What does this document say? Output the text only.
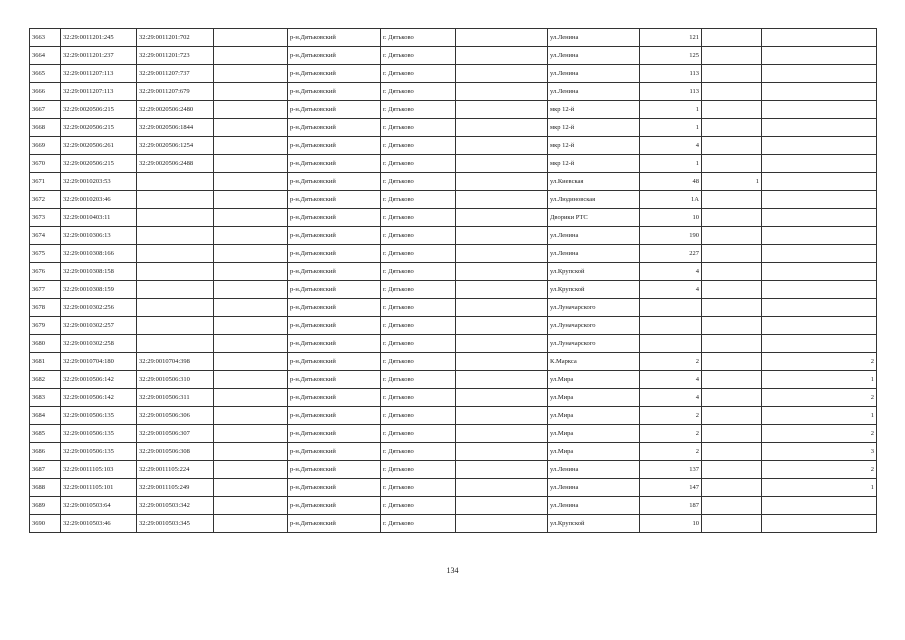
3663	32:29:0011201:245	32:29:0011201:702		р-н.Дятьковский	г. Дятьково		ул.Ленина	121		
3664	32:29:0011201:237	32:29:0011201:723		р-н.Дятьковский	г. Дятьково		ул.Ленина	125		
3665	32:29:0011207:113	32:29:0011207:737		р-н.Дятьковский	г. Дятьково		ул.Ленина	113		
3666	32:29:0011207:113	32:29:0011207:679		р-н.Дятьковский	г. Дятьково		ул.Ленина	113		
3667	32:29:0020506:215	32:29:0020506:2480		р-н.Дятьковский	г. Дятьково		мкр 12-й	1		
3668	32:29:0020506:215	32:29:0020506:1844		р-н.Дятьковский	г. Дятьково		мкр 12-й	1		
3669	32:29:0020506:261	32:29:0020506:1254		р-н.Дятьковский	г. Дятьково		мкр 12-й	4		
3670	32:29:0020506:215	32:29:0020506:2488		р-н.Дятьковский	г. Дятьково		мкр 12-й	1		
3671	32:29:0010203:53			р-н.Дятьковский	г. Дятьково		ул.Киевская	48	1	
3672	32:29:0010203:46			р-н.Дятьковский	г. Дятьково		ул.Людиновская	1А		
3673	32:29:0010403:11			р-н.Дятьковский	г. Дятьково		Дворики РТС	10		
3674	32:29:0010306:13			р-н.Дятьковский	г. Дятьково		ул.Ленина	190		
3675	32:29:0010308:166			р-н.Дятьковский	г. Дятьково		ул.Ленина	227		
3676	32:29:0010308:158			р-н.Дятьковский	г. Дятьково		ул.Крупской	4		
3677	32:29:0010308:159			р-н.Дятьковский	г. Дятьково		ул.Крупской	4		
3678	32:29:0010302:256			р-н.Дятьковский	г. Дятьково		ул.Луначарского			
3679	32:29:0010302:257			р-н.Дятьковский	г. Дятьково		ул.Луначарского			
3680	32:29:0010302:258			р-н.Дятьковский	г. Дятьково		ул.Луначарского			
3681	32:29:0010704:180	32:29:0010704:398		р-н.Дятьковский	г. Дятьково		К.Маркса	2		2
3682	32:29:0010506:142	32:29:0010506:310		р-н.Дятьковский	г. Дятьково		ул.Мира	4		1
3683	32:29:0010506:142	32:29:0010506:311		р-н.Дятьковский	г. Дятьково		ул.Мира	4		2
3684	32:29:0010506:135	32:29:0010506:306		р-н.Дятьковский	г. Дятьково		ул.Мира	2		1
3685	32:29:0010506:135	32:29:0010506:307		р-н.Дятьковский	г. Дятьково		ул.Мира	2		2
3686	32:29:0010506:135	32:29:0010506:308		р-н.Дятьковский	г. Дятьково		ул.Мира	2		3
3687	32:29:0011105:103	32:29:0011105:224		р-н.Дятьковский	г. Дятьково		ул.Ленина	137		2
3688	32:29:0011105:101	32:29:0011105:249		р-н.Дятьковский	г. Дятьково		ул.Ленина	147		1
3689	32:29:0010503:64	32:29:0010503:342		р-н.Дятьковский	г. Дятьково		ул.Ленина	187		
3690	32:29:0010503:46	32:29:0010503:345		р-н.Дятьковский	г. Дятьково		ул.Крупской	10		
134
